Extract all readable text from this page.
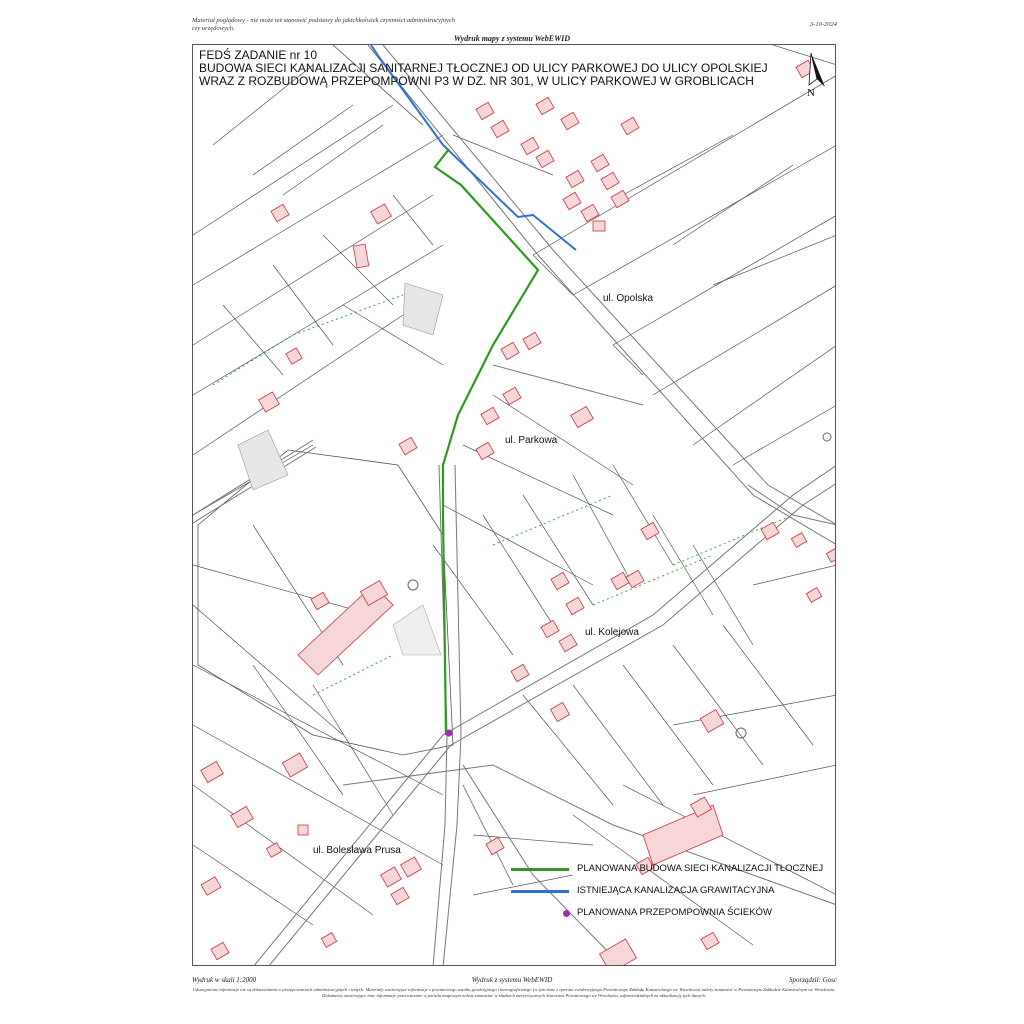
Materiał poglądowy - nie może też stanowić podstawy do jakichkolwiek czynności administracyjnych czy urzędowych.
3-10-2024
Wydruk mapy z systemu WebEWID
FEDŚ ZADANIE nr 10
BUDOWA SIECI KANALIZACJI SANITARNEJ TŁOCZNEJ OD ULICY PARKOWEJ DO ULICY OPOLSKIEJ
WRAZ Z ROZBUDOWĄ PRZEPOMPOWNI P3 W DZ. NR 301, W ULICY PARKOWEJ W GROBLICACH
N
ul. Opolska
ul. Parkowa
ul. Kolejowa
ul. Bolesława Prusa
PLANOWANA BUDOWA SIECI KANALIZACJI TŁOCZNEJ
ISTNIEJĄCA KANALIZACJA GRAWITACYJNA
PLANOWANA PRZEPOMPOWNIA ŚCIEKÓW
Wydruk w skali 1:2000	Wydruk z systemu WebEWID	Sporządził: Gosc
Udostępnione informacje nie są dokumentami w postępowaniach administracyjnych i innych. Materiały zawierające informacje z powiatowego zasobu geodezyjnego i kartograficznego (w tym dane z operatu ewidencyjnego Powiatowego Zakładu Katastralnego we Wrocławiu) należy zamawiać w Powiatowym Zakładzie Katastralnym we Wrocławiu. Dokumenty zawierające inne informacje przetwarzane w portalu mapowym należy zamawiać w służbach merytorycznych Starostwa Powiatowego we Wrocławiu, odpowiedzialnych za aktualizację tych danych.
